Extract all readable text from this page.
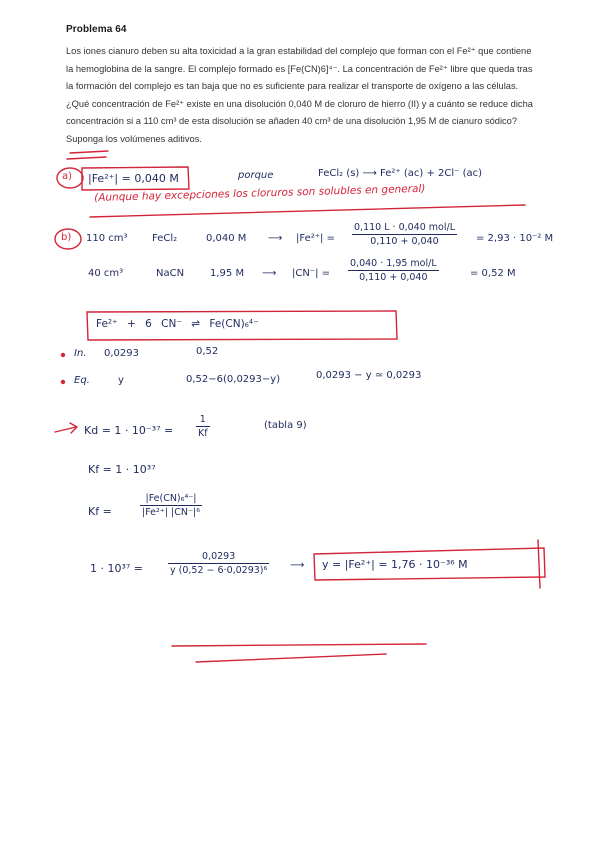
Problema 64
Los iones cianuro deben su alta toxicidad a la gran estabilidad del complejo que forman con el Fe²⁺ que contiene
la hemoglobina de la sangre. El complejo formado es [Fe(CN)6]⁴⁻. La concentración de Fe²⁺ libre que queda tras
la formación del complejo es tan baja que no es suficiente para realizar el transporte de oxígeno a las células.
¿Qué concentración de Fe²⁺ existe en una disolución 0,040 M de cloruro de hierro (II) y a cuánto se reduce dicha
concentración si a 110 cm³ de esta disolución se añaden 40 cm³ de una disolución 1,95 M de cianuro sódico?
Suponga los volúmenes aditivos.
a) |Fe²⁺| = 0,040 M	porque	FeCl₂ (s) ⟶ Fe²⁺ (ac) + 2Cl⁻ (ac)
(Aunque hay excepciones los cloruros son solubles en general)
b) 110 cm³ FeCl₂	0,040 M ⟶ |Fe²⁺| =
0,110 L · 0,040 mol/L
0,110 + 0,040	= 2,93 · 10⁻² M
40 cm³	NaCN	1,95 M ⟶ |CN⁻| =
0,040 · 1,95 mol/L
0,110 + 0,040	= 0,52 M
Fe²⁺ + 6 CN⁻ ⇌ Fe(CN)₆⁴⁻
In. 0,0293	0,52
Eq.	y	0,52−6(0,0293−y)	0,0293 − y ≃ 0,0293
$Kd = 1 \cdot 10^{-37} = \frac{1}{Kf}$	(tabla 9)
Kf = 1 · 10³⁷
Kf =	$\frac{\text{|Fe(CN)₆⁴⁻|}}{\text{|Fe²⁺| |CN⁻|⁶}}$
1 · 10³⁷ =	$\frac{0,0293}{\text{y (0,52 − 6·0,0293)⁶}}$ ⟶ y = |Fe²⁺| = 1,76 · 10⁻³⁶ M
